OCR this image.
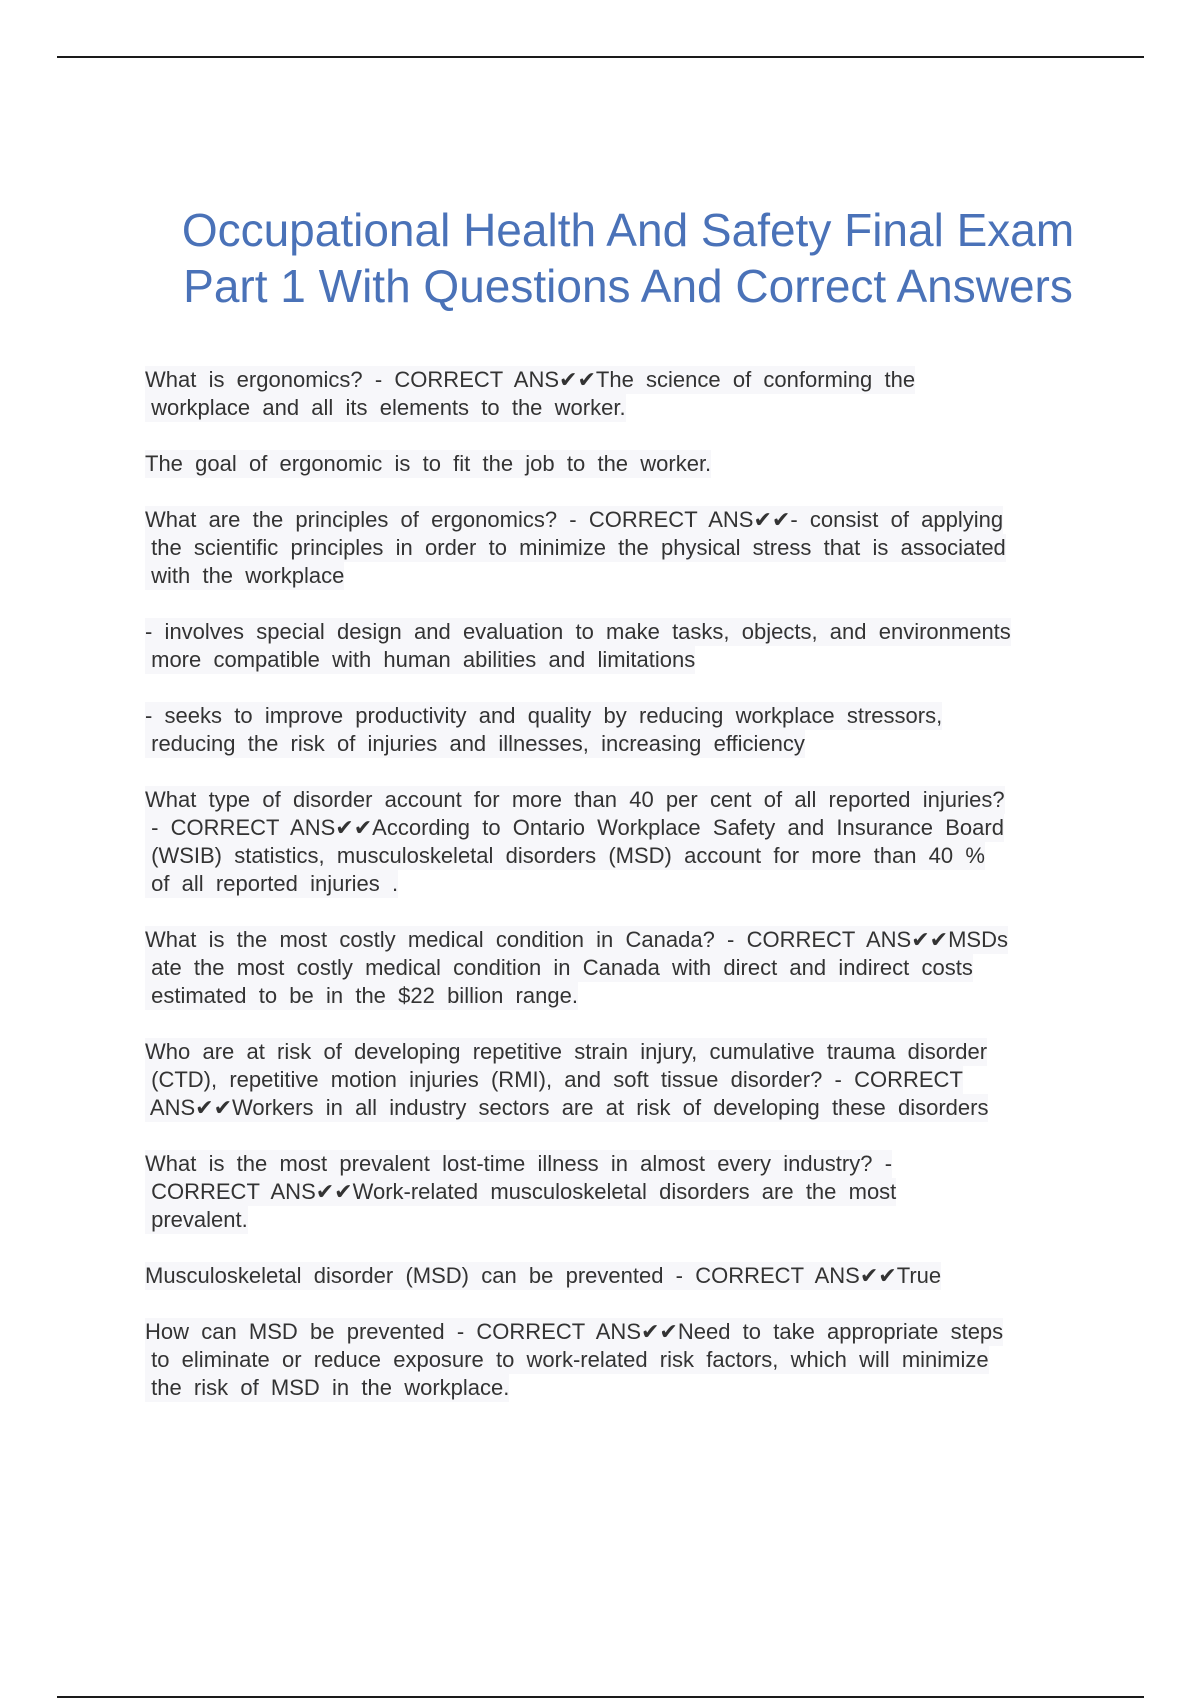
Occupational Health And Safety Final Exam
Part 1 With Questions And Correct Answers

What  is  ergonomics?  -  CORRECT  ANS✔✔The  science  of  conforming  the
workplace  and  all  its  elements  to  the  worker.

The  goal  of  ergonomic  is  to  fit  the  job  to  the  worker.

What  are  the  principles  of  ergonomics?  -  CORRECT  ANS✔✔-  consist  of  applying
the  scientific  principles  in  order  to  minimize  the  physical  stress  that  is  associated
with  the  workplace

-  involves  special  design  and  evaluation  to  make  tasks,  objects,  and  environments
more  compatible  with  human  abilities  and  limitations

-  seeks  to  improve  productivity  and  quality  by  reducing  workplace  stressors,
reducing  the  risk  of  injuries  and  illnesses,  increasing  efficiency

What  type  of  disorder  account  for  more  than  40  per  cent  of  all  reported  injuries?
-  CORRECT  ANS✔✔According  to  Ontario  Workplace  Safety  and  Insurance  Board
(WSIB)  statistics,  musculoskeletal  disorders  (MSD)  account  for  more  than  40  %
of  all  reported  injuries  .

What  is  the  most  costly  medical  condition  in  Canada?  -  CORRECT  ANS✔✔MSDs
ate  the  most  costly  medical  condition  in  Canada  with  direct  and  indirect  costs
estimated  to  be  in  the  $22  billion  range.

Who  are  at  risk  of  developing  repetitive  strain  injury,  cumulative  trauma  disorder
(CTD),  repetitive  motion  injuries  (RMI),  and  soft  tissue  disorder?  -  CORRECT
ANS✔✔Workers  in  all  industry  sectors  are  at  risk  of  developing  these  disorders

What  is  the  most  prevalent  lost-time  illness  in  almost  every  industry?  -
CORRECT  ANS✔✔Work-related  musculoskeletal  disorders  are  the  most
prevalent.

Musculoskeletal  disorder  (MSD)  can  be  prevented  -  CORRECT  ANS✔✔True

How  can  MSD  be  prevented  -  CORRECT  ANS✔✔Need  to  take  appropriate  steps
to  eliminate  or  reduce  exposure  to  work-related  risk  factors,  which  will  minimize
the  risk  of  MSD  in  the  workplace.
